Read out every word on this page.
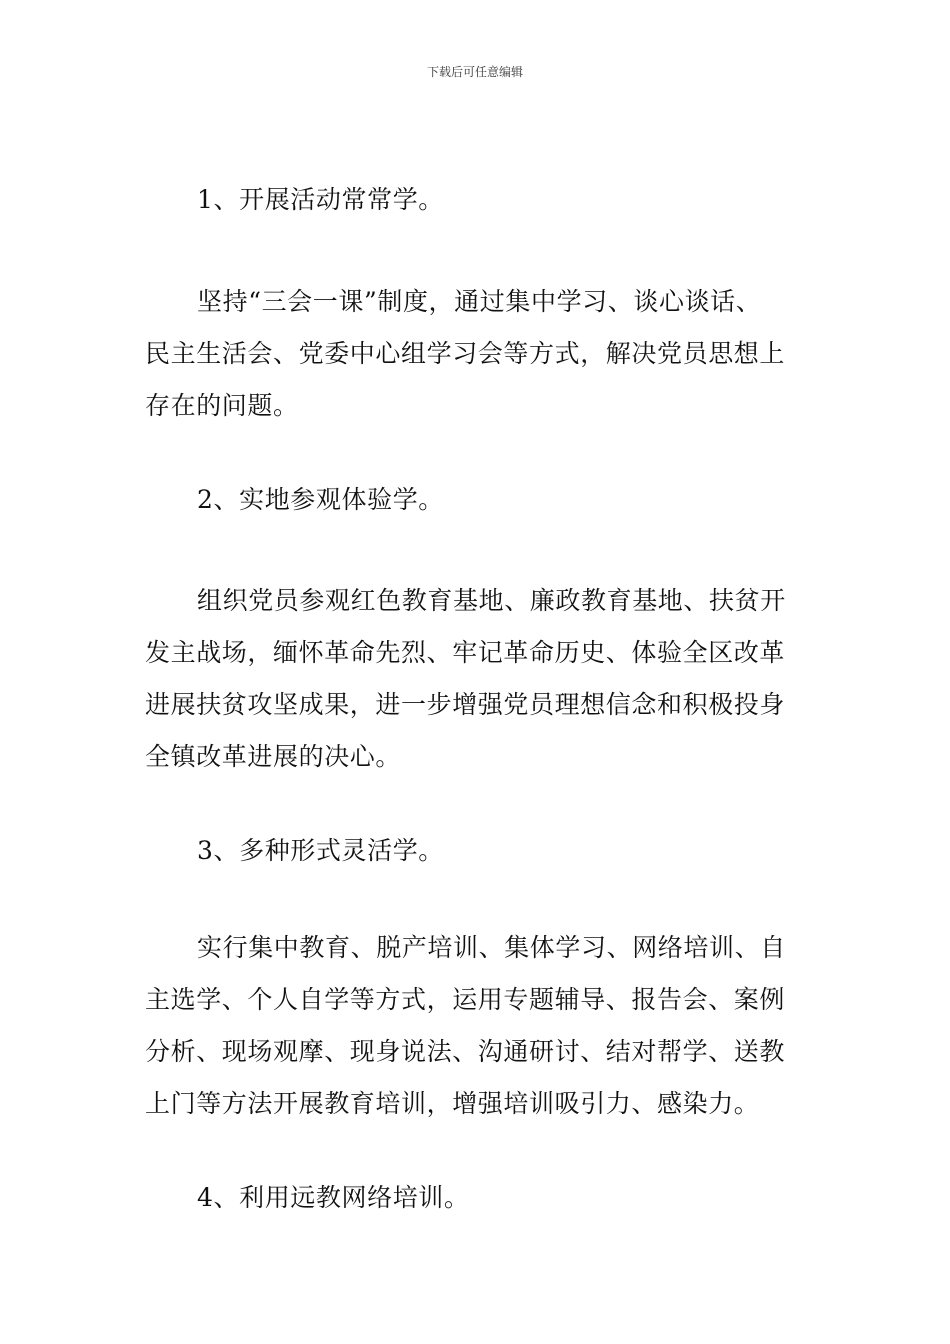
下载后可任意编辑
1、开展活动常常学。
坚持“三会一课”制度，通过集中学习、谈心谈话、
民主生活会、党委中心组学习会等方式，解决党员思想上
存在的问题。
2、实地参观体验学。
组织党员参观红色教育基地、廉政教育基地、扶贫开
发主战场，缅怀革命先烈、牢记革命历史、体验全区改革
进展扶贫攻坚成果，进一步增强党员理想信念和积极投身
全镇改革进展的决心。
3、多种形式灵活学。
实行集中教育、脱产培训、集体学习、网络培训、自
主选学、个人自学等方式，运用专题辅导、报告会、案例
分析、现场观摩、现身说法、沟通研讨、结对帮学、送教
上门等方法开展教育培训，增强培训吸引力、感染力。
4、利用远教网络培训。
